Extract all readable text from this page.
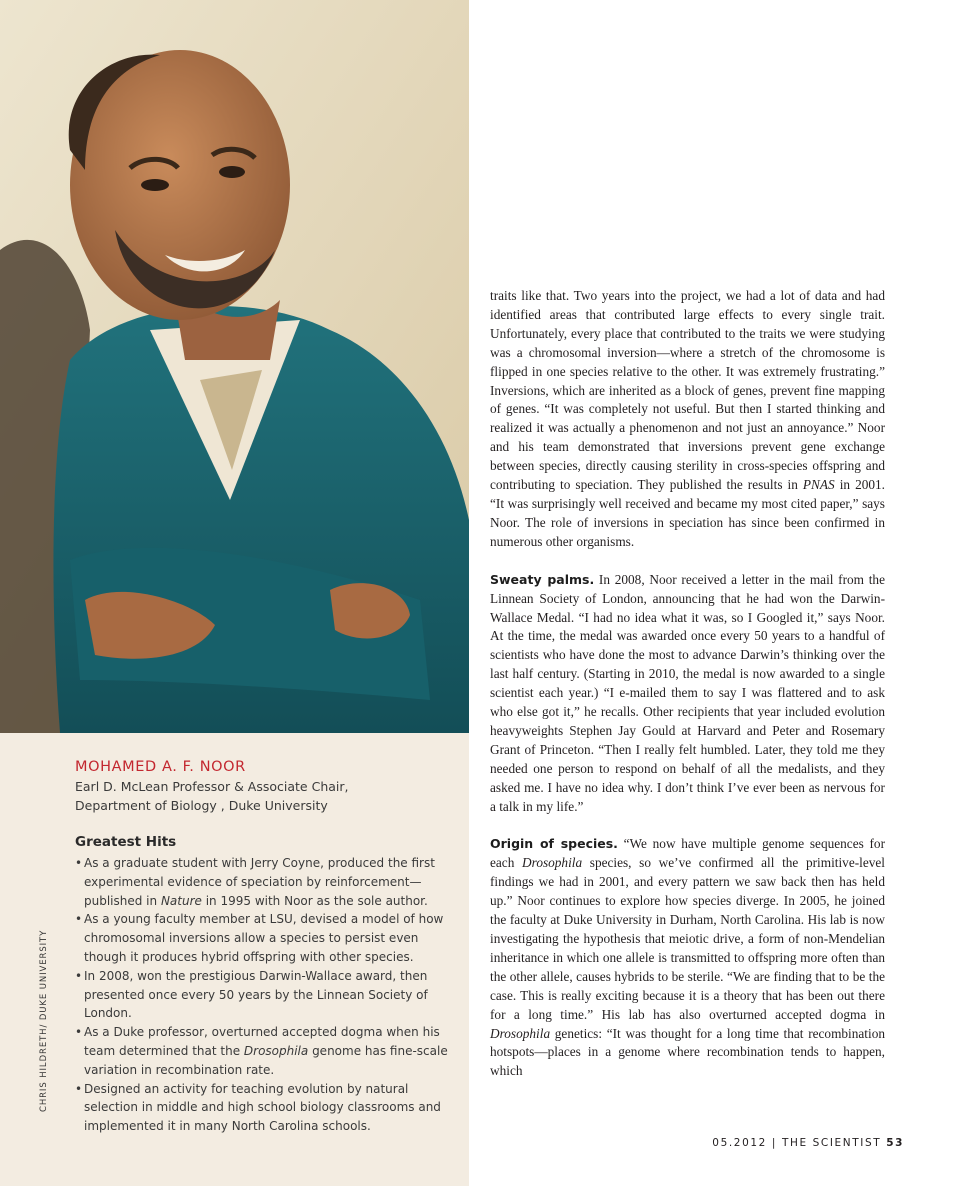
MOHAMED A. F. NOOR
Earl D. McLean Professor & Associate Chair,
Department of Biology , Duke University
Greatest Hits
• As a graduate student with Jerry Coyne, produced the first
experimental evidence of speciation by reinforcement—
published in Nature in 1995 with Noor as the sole author.
• As a young faculty member at LSU, devised a model of how
chromosomal inversions allow a species to persist even
though it produces hybrid offspring with other species.
• In 2008, won the prestigious Darwin-Wallace award, then
presented once every 50 years by the Linnean Society of London.
• As a Duke professor, overturned accepted dogma when his
team determined that the Drosophila genome has fine-scale
variation in recombination rate.
• Designed an activity for teaching evolution by natural
selection in middle and high school biology classrooms and
implemented it in many North Carolina schools.
CHRIS HILDRETH/ DUKE UNIVERSITY

traits like that. Two years into the project, we had a lot of data and had identified areas that contributed large effects to every single trait. Unfortunately, every place that contributed to the traits we were studying was a chromosomal inversion—where a stretch of the chromosome is flipped in one species relative to the other. It was extremely frustrating.” Inversions, which are inherited as a block of genes, prevent fine mapping of genes. “It was completely not useful. But then I started thinking and realized it was actually a phenomenon and not just an annoyance.” Noor and his team demonstrated that inversions prevent gene exchange between species, directly causing sterility in cross-species offspring and contributing to speciation. They published the results in PNAS in 2001. “It was surprisingly well received and became my most cited paper,” says Noor. The role of inversions in speciation has since been confirmed in numerous other organisms.

Sweaty palms. In 2008, Noor received a letter in the mail from the Linnean Society of London, announcing that he had won the Darwin-Wallace Medal. “I had no idea what it was, so I Googled it,” says Noor. At the time, the medal was awarded once every 50 years to a handful of scientists who have done the most to advance Darwin’s thinking over the last half century. (Starting in 2010, the medal is now awarded to a single scientist each year.) “I e-mailed them to say I was flattered and to ask who else got it,” he recalls. Other recipients that year included evolution heavyweights Stephen Jay Gould at Harvard and Peter and Rosemary Grant of Princeton. “Then I really felt humbled. Later, they told me they needed one person to respond on behalf of all the medalists, and they asked me. I have no idea why. I don’t think I’ve ever been as nervous for a talk in my life.”

Origin of species. “We now have multiple genome sequences for each Drosophila species, so we’ve confirmed all the primitive-level findings we had in 2001, and every pattern we saw back then has held up.” Noor continues to explore how species diverge. In 2005, he joined the faculty at Duke University in Durham, North Carolina. His lab is now investigating the hypothesis that meiotic drive, a form of non-Mendelian inheritance in which one allele is transmitted to offspring more often than the other allele, causes hybrids to be sterile. “We are finding that to be the case. This is really exciting because it is a theory that has been out there for a long time.” His lab has also overturned accepted dogma in Drosophila genetics: “It was thought for a long time that recombination hotspots—places in a genome where recombination tends to happen, which

05.2012 | THE SCIENTIST 53
